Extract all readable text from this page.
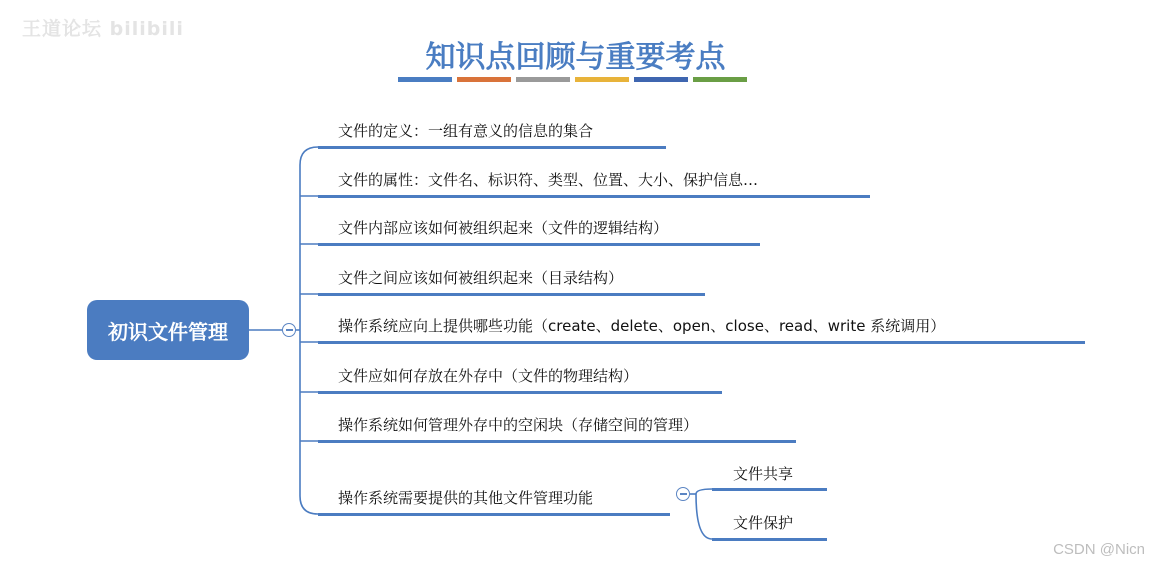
王道论坛 bilibili
知识点回顾与重要考点
初识文件管理
文件的定义：一组有意义的信息的集合
文件的属性：文件名、标识符、类型、位置、大小、保护信息…
文件内部应该如何被组织起来（文件的逻辑结构）
文件之间应该如何被组织起来（目录结构）
操作系统应向上提供哪些功能（create、delete、open、close、read、write 系统调用）
文件应如何存放在外存中（文件的物理结构）
操作系统如何管理外存中的空闲块（存储空间的管理）
操作系统需要提供的其他文件管理功能
文件共享
文件保护
CSDN @Nicn
